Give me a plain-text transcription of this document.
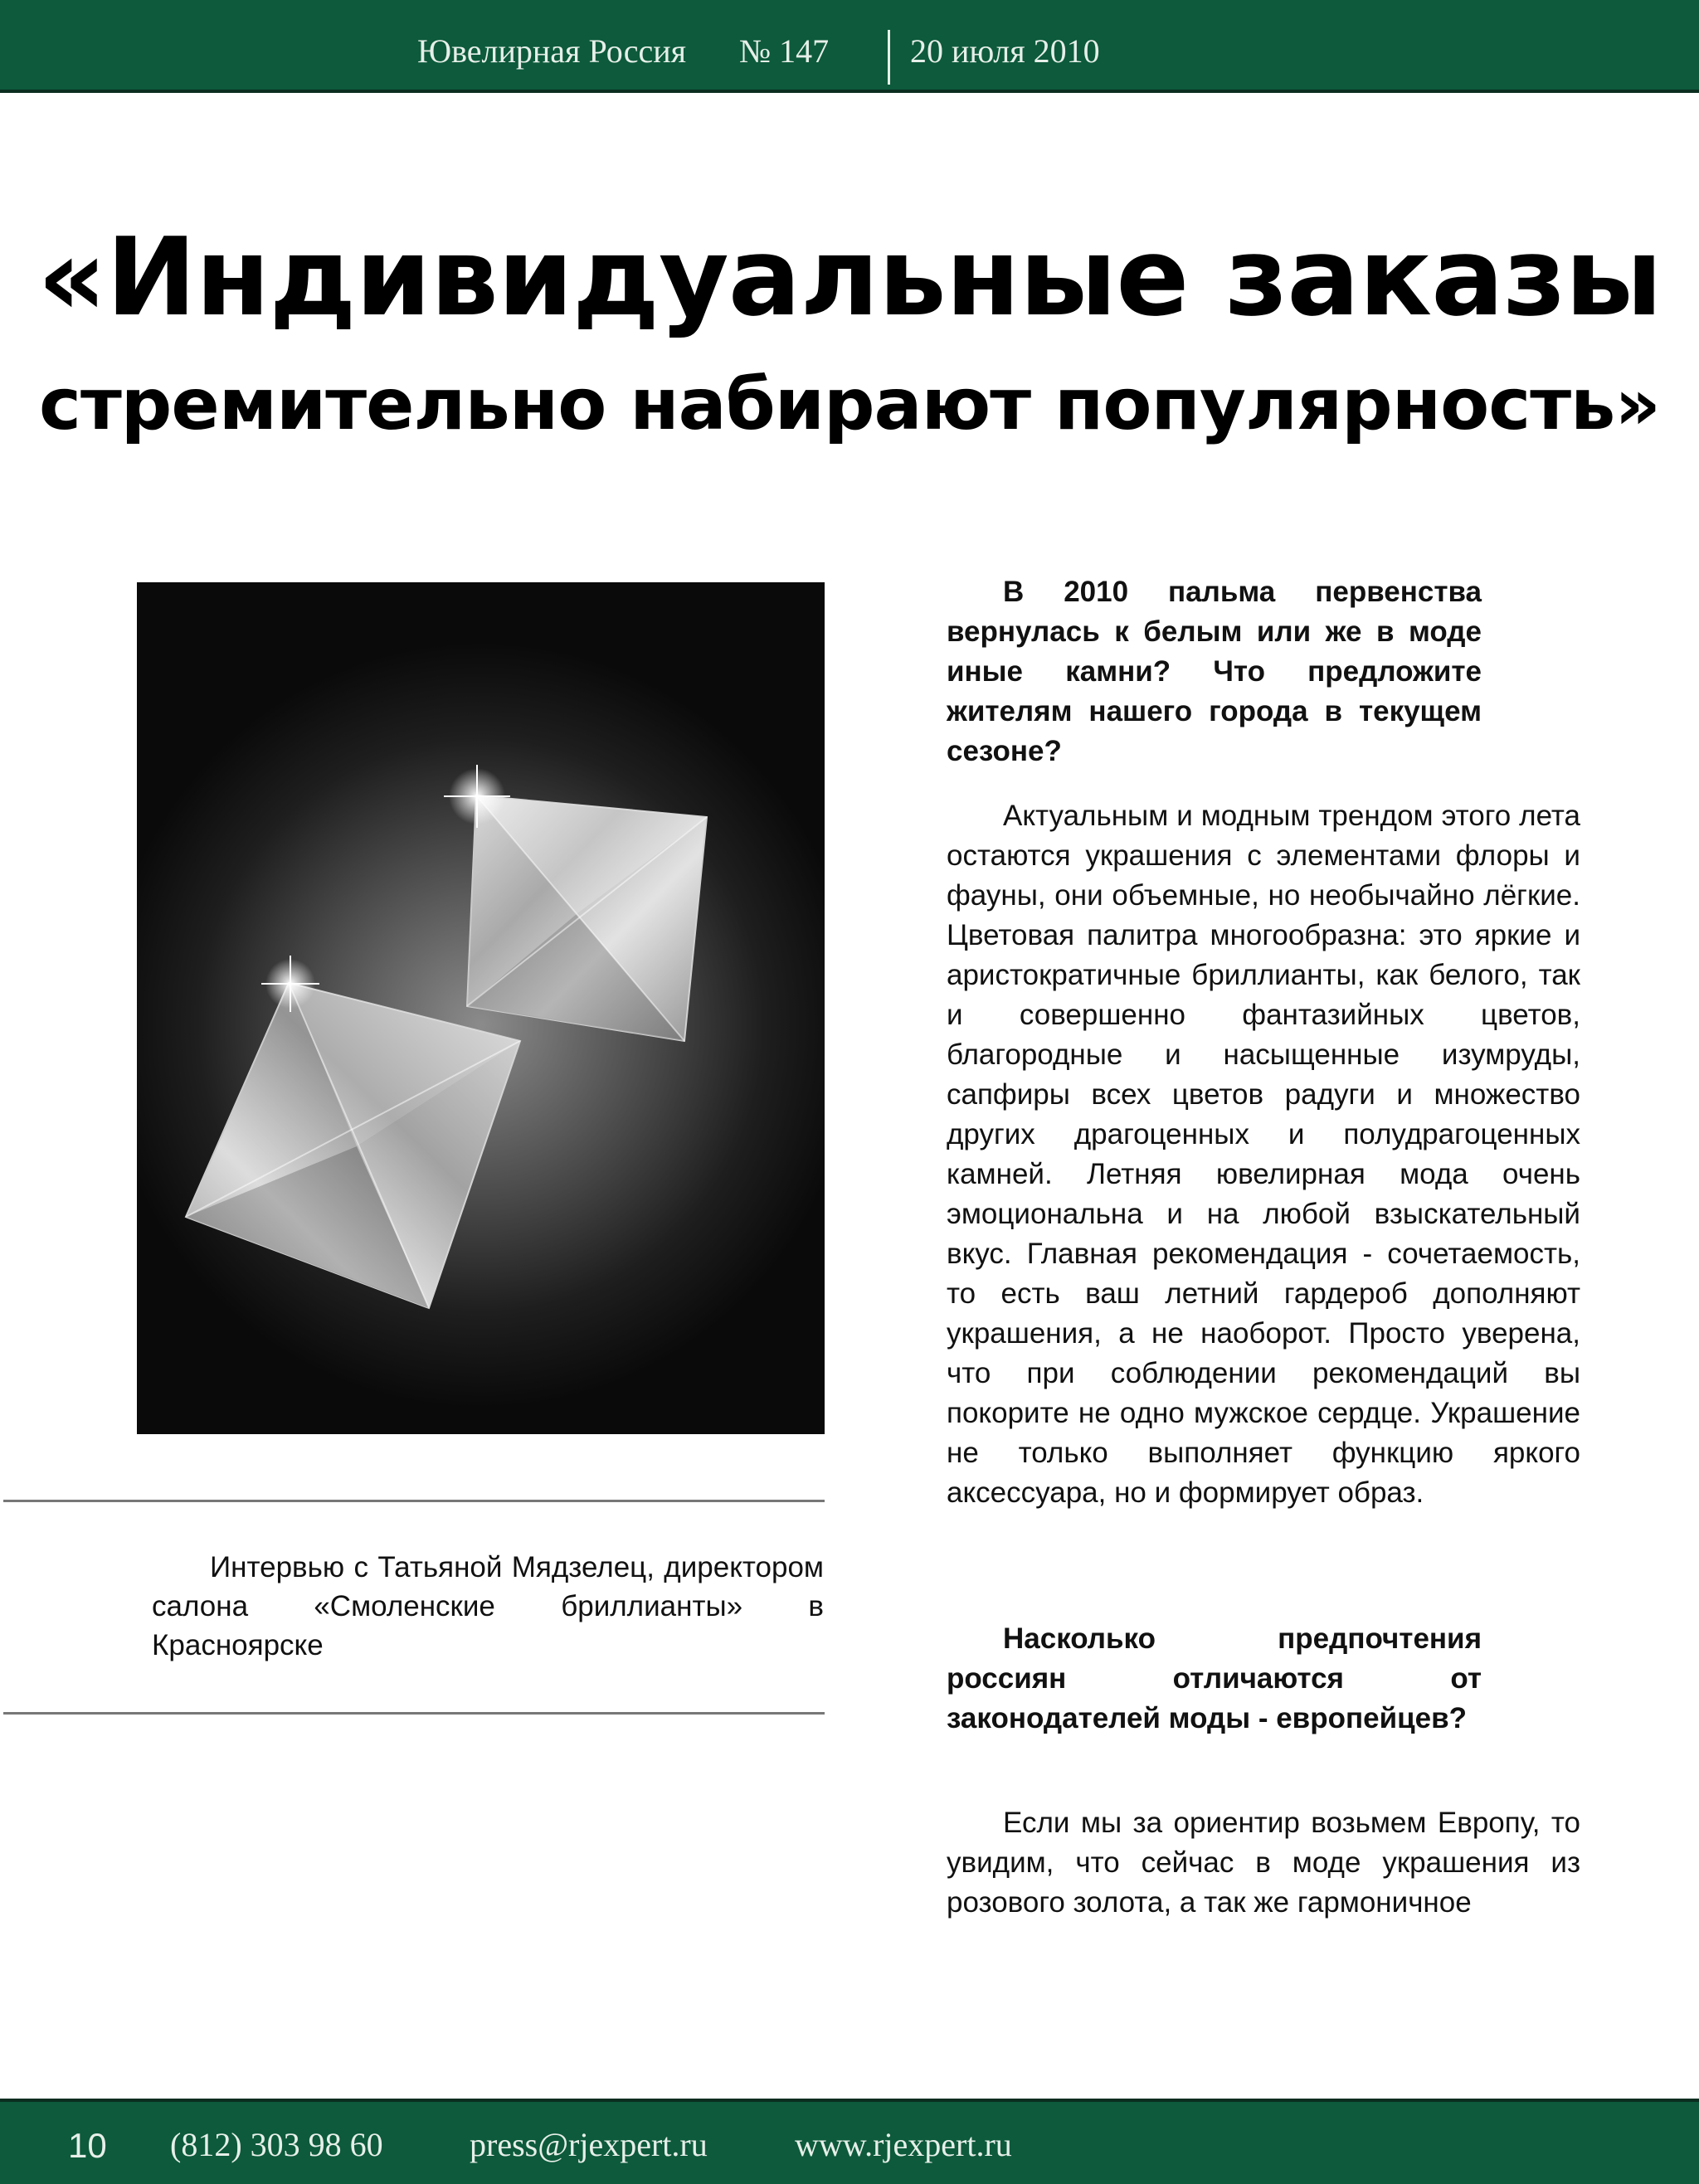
Ювелирная Россия № 147 20 июля 2010
«Индивидуальные заказы
стремительно набирают популярность»
Интервью с Татьяной Мядзелец, директором салона «Смоленские бриллианты» в Красноярске
В 2010 пальма первенства вернулась к белым или же в моде иные камни? Что предложите жителям нашего города в текущем сезоне?
Актуальным и модным трендом этого лета остаются украшения с элементами флоры и фауны, они объемные, но необычайно лёгкие. Цветовая палитра многообразна: это яркие и аристократичные бриллианты, как белого, так и совершенно фантазийных цветов, благородные и насыщенные изумруды, сапфиры всех цветов радуги и множество других драгоценных и полудрагоценных камней. Летняя ювелирная мода очень эмоциональна и на любой взыскательный вкус. Главная рекомендация - сочетаемость, то есть ваш летний гардероб дополняют украшения, а не наоборот. Просто уверена, что при соблюдении рекомендаций вы покорите не одно мужское сердце. Украшение не только выполняет функцию яркого аксессуара, но и формирует образ.
Насколько предпочтения россиян отличаются от законодателей моды - европейцев?
Если мы за ориентир возьмем Европу, то увидим, что сейчас в моде украшения из розового золота, а так же гармоничное
10 (812) 303 98 60	press@rjexpert.ru	www.rjexpert.ru
